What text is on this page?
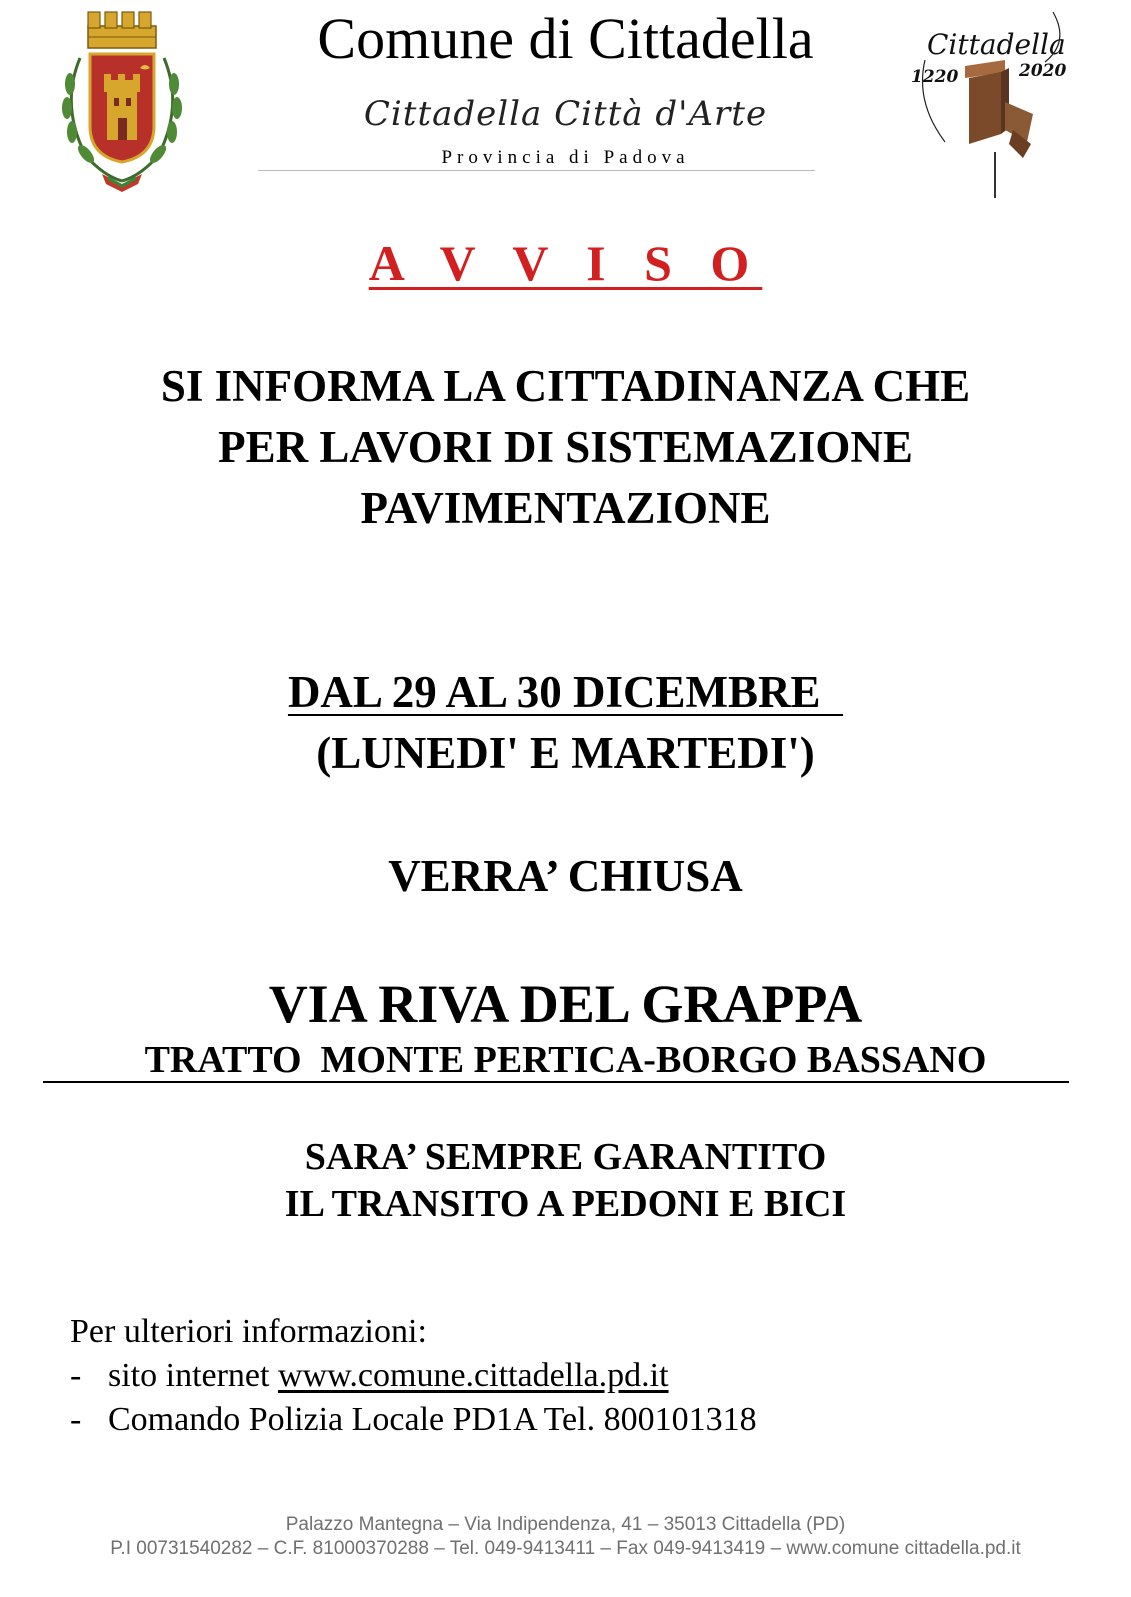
Comune di Cittadella
Cittadella Città d'Arte
Provincia di Padova
Cittadella
1220	2020
A V V I S O
SI INFORMA LA CITTADINANZA CHE
PER LAVORI DI SISTEMAZIONE
PAVIMENTAZIONE
DAL 29 AL 30 DICEMBRE
(LUNEDI' E MARTEDI')
VERRA’ CHIUSA
VIA RIVA DEL GRAPPA
TRATTO  MONTE PERTICA-BORGO BASSANO
SARA’ SEMPRE GARANTITO
IL TRANSITO A PEDONI E BICI
Per ulteriori informazioni:
- sito internet www.comune.cittadella.pd.it
- Comando Polizia Locale PD1A Tel. 800101318
Palazzo Mantegna – Via Indipendenza, 41 – 35013 Cittadella (PD)
P.I 00731540282 – C.F. 81000370288 – Tel. 049-9413411 – Fax 049-9413419 – www.comune cittadella.pd.it
